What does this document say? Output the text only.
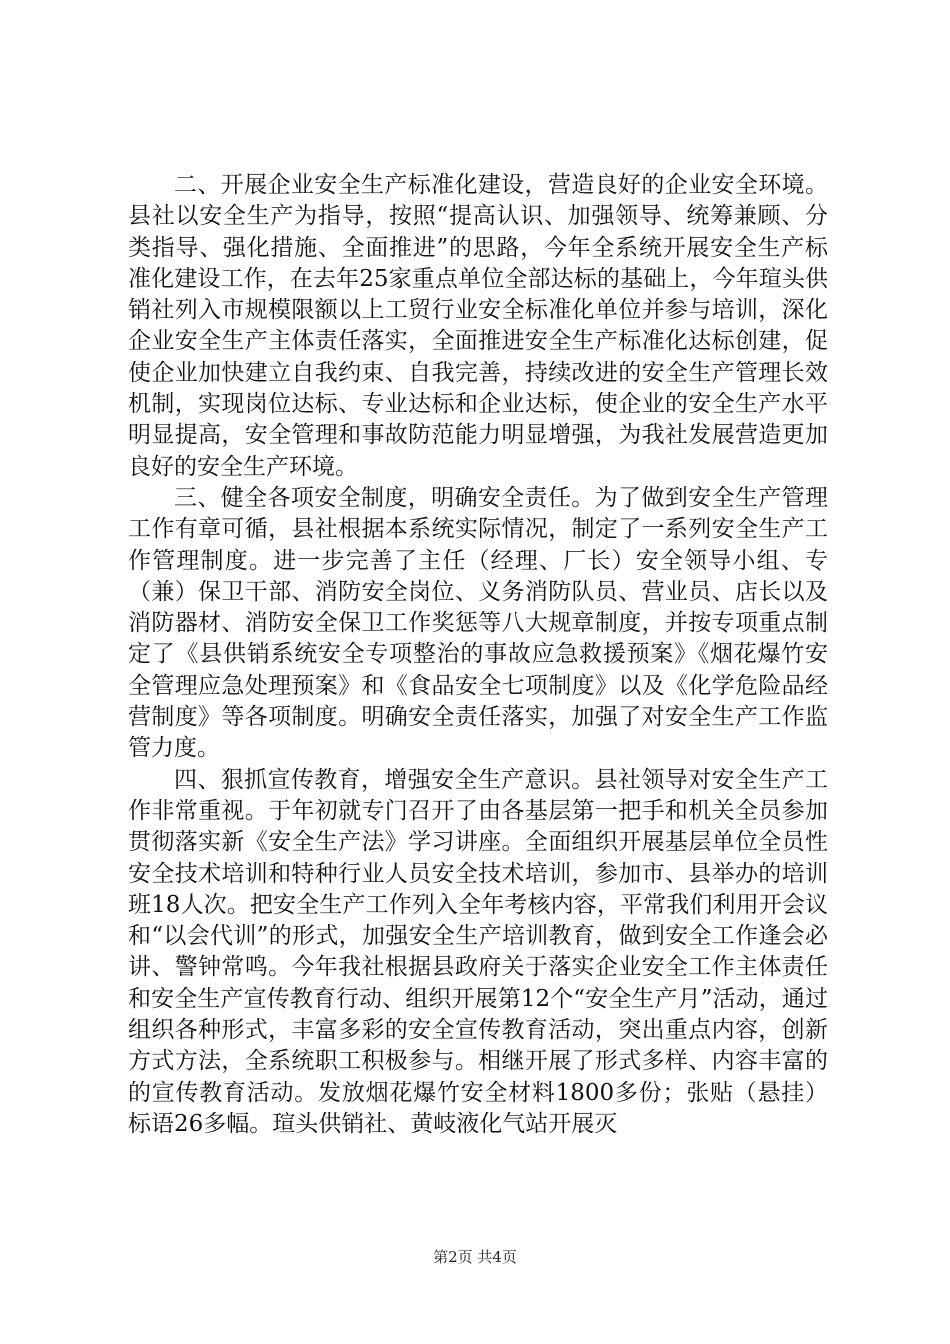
二、开展企业安全生产标准化建设，营造良好的企业安全环境。县社以安全生产为指导，按照“提高认识、加强领导、统筹兼顾、分类指导、强化措施、全面推进”的思路，今年全系统开展安全生产标准化建设工作，在去年25家重点单位全部达标的基础上，今年瑄头供销社列入市规模限额以上工贸行业安全标准化单位并参与培训，深化企业安全生产主体责任落实，全面推进安全生产标准化达标创建，促使企业加快建立自我约束、自我完善，持续改进的安全生产管理长效机制，实现岗位达标、专业达标和企业达标，使企业的安全生产水平明显提高，安全管理和事故防范能力明显增强，为我社发展营造更加良好的安全生产环境。

三、健全各项安全制度，明确安全责任。为了做到安全生产管理工作有章可循，县社根据本系统实际情况，制定了一系列安全生产工作管理制度。进一步完善了主任（经理、厂长）安全领导小组、专（兼）保卫干部、消防安全岗位、义务消防队员、营业员、店长以及消防器材、消防安全保卫工作奖惩等八大规章制度，并按专项重点制定了《县供销系统安全专项整治的事故应急救援预案》《烟花爆竹安全管理应急处理预案》和《食品安全七项制度》以及《化学危险品经营制度》等各项制度。明确安全责任落实，加强了对安全生产工作监管力度。

四、狠抓宣传教育，增强安全生产意识。县社领导对安全生产工作非常重视。于年初就专门召开了由各基层第一把手和机关全员参加贯彻落实新《安全生产法》学习讲座。全面组织开展基层单位全员性安全技术培训和特种行业人员安全技术培训，参加市、县举办的培训班18人次。把安全生产工作列入全年考核内容，平常我们利用开会议和“以会代训”的形式，加强安全生产培训教育，做到安全工作逢会必讲、警钟常鸣。今年我社根据县政府关于落实企业安全工作主体责任和安全生产宣传教育行动、组织开展第12个“安全生产月”活动，通过组织各种形式，丰富多彩的安全宣传教育活动，突出重点内容，创新方式方法，全系统职工积极参与。相继开展了形式多样、内容丰富的的宣传教育活动。发放烟花爆竹安全材料1800多份；张贴（悬挂）标语26多幅。瑄头供销社、黄岐液化气站开展灭

第2页 共4页
